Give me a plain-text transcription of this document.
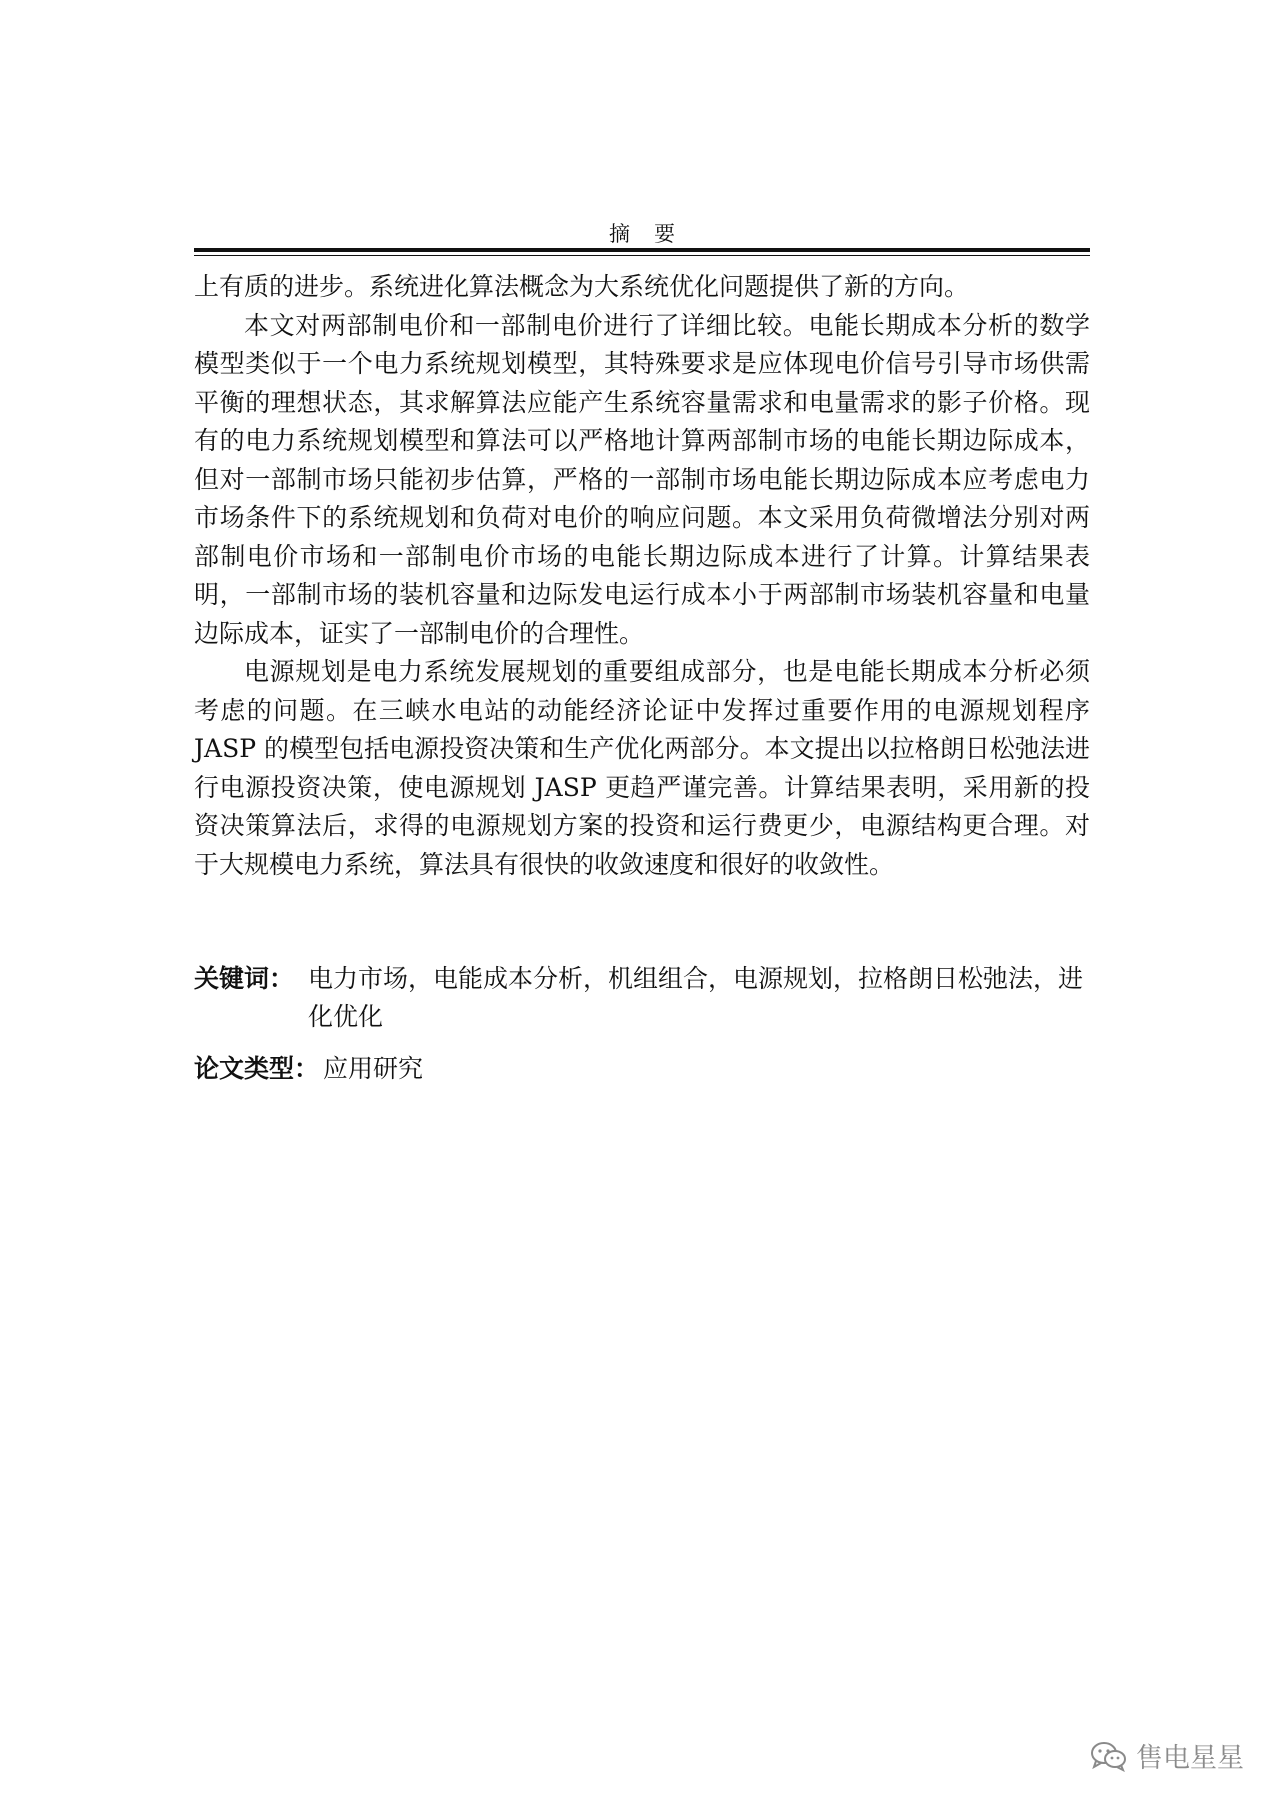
摘 要

上有质的进步。系统进化算法概念为大系统优化问题提供了新的方向。

本文对两部制电价和一部制电价进行了详细比较。电能长期成本分析的数学模型类似于一个电力系统规划模型，其特殊要求是应体现电价信号引导市场供需平衡的理想状态，其求解算法应能产生系统容量需求和电量需求的影子价格。现有的电力系统规划模型和算法可以严格地计算两部制市场的电能长期边际成本，但对一部制市场只能初步估算，严格的一部制市场电能长期边际成本应考虑电力市场条件下的系统规划和负荷对电价的响应问题。本文采用负荷微增法分别对两部制电价市场和一部制电价市场的电能长期边际成本进行了计算。计算结果表明，一部制市场的装机容量和边际发电运行成本小于两部制市场装机容量和电量边际成本，证实了一部制电价的合理性。

电源规划是电力系统发展规划的重要组成部分，也是电能长期成本分析必须考虑的问题。在三峡水电站的动能经济论证中发挥过重要作用的电源规划程序 JASP 的模型包括电源投资决策和生产优化两部分。本文提出以拉格朗日松弛法进行电源投资决策，使电源规划 JASP 更趋严谨完善。计算结果表明，采用新的投资决策算法后，求得的电源规划方案的投资和运行费更少，电源结构更合理。对于大规模电力系统，算法具有很快的收敛速度和很好的收敛性。

关键词： 电力市场，电能成本分析，机组组合，电源规划，拉格朗日松弛法，进化优化
论文类型： 应用研究
售电星星
